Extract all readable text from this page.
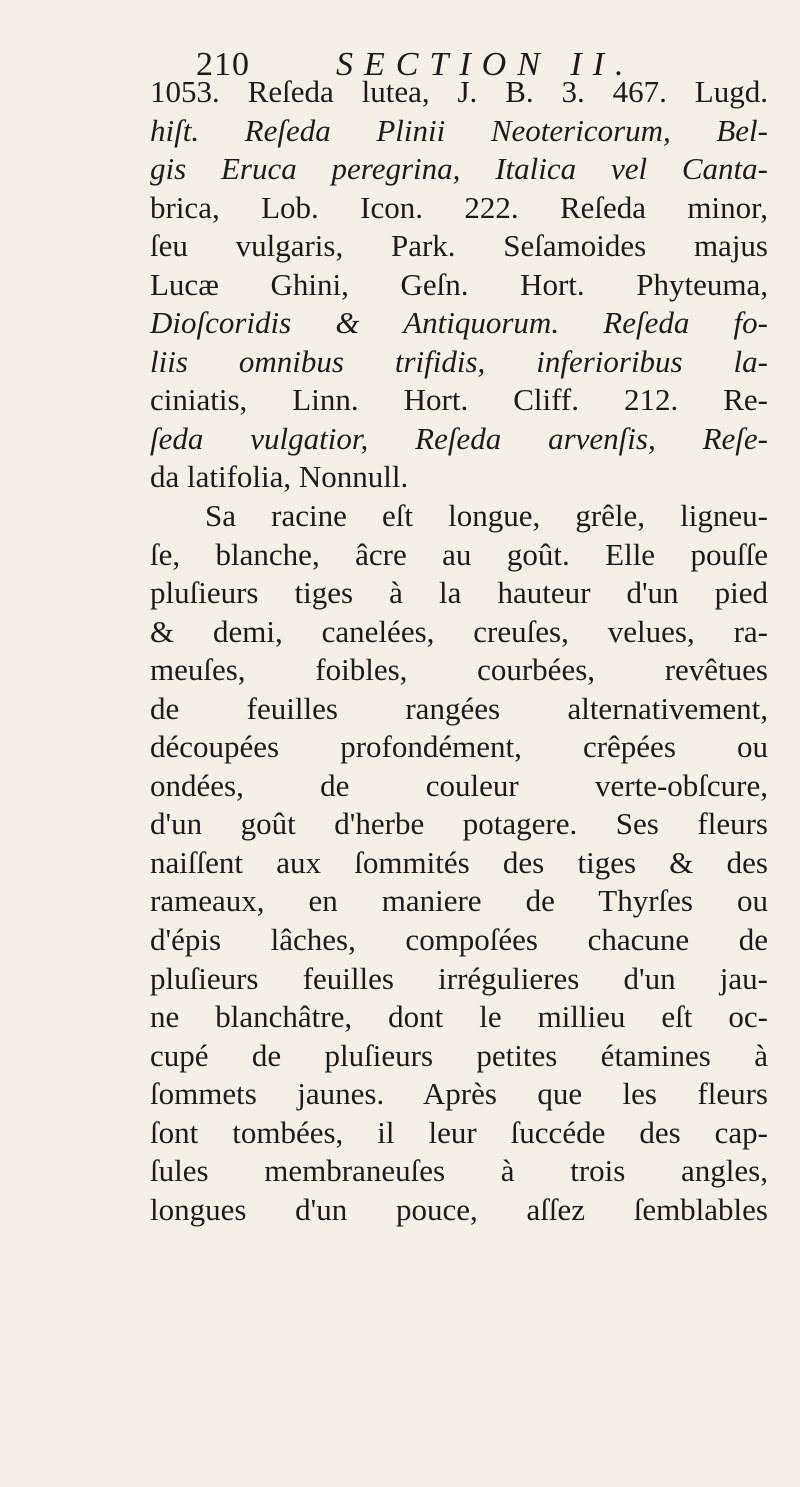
210	SECTION II.
1053. Reſeda lutea, J. B. 3. 467. Lugd.
hiſt. Reſeda Plinii Neotericorum, Bel-
gis Eruca peregrina, Italica vel Canta-
brica, Lob. Icon. 222. Reſeda minor,
ſeu vulgaris, Park. Seſamoides majus
Lucæ Ghini, Geſn. Hort. Phyteuma,
Dioſcoridis & Antiquorum. Reſeda fo-
liis omnibus trifidis, inferioribus la-
ciniatis, Linn. Hort. Cliff. 212. Re-
ſeda vulgatior, Reſeda arvenſis, Reſe-
da latifolia, Nonnull.
Sa racine eſt longue, grêle, ligneu-
ſe, blanche, âcre au goût. Elle pouſſe
pluſieurs tiges à la hauteur d'un pied
& demi, canelées, creuſes, velues, ra-
meuſes, foibles, courbées, revêtues
de feuilles rangées alternativement,
découpées profondément, crêpées ou
ondées, de couleur verte-obſcure,
d'un goût d'herbe potagere. Ses fleurs
naiſſent aux ſommités des tiges & des
rameaux, en maniere de Thyrſes ou
d'épis lâches, compoſées chacune de
pluſieurs feuilles irrégulieres d'un jau-
ne blanchâtre, dont le millieu eſt oc-
cupé de pluſieurs petites étamines à
ſommets jaunes. Après que les fleurs
ſont tombées, il leur ſuccéde des cap-
ſules membraneuſes à trois angles,
longues d'un pouce, aſſez ſemblables
